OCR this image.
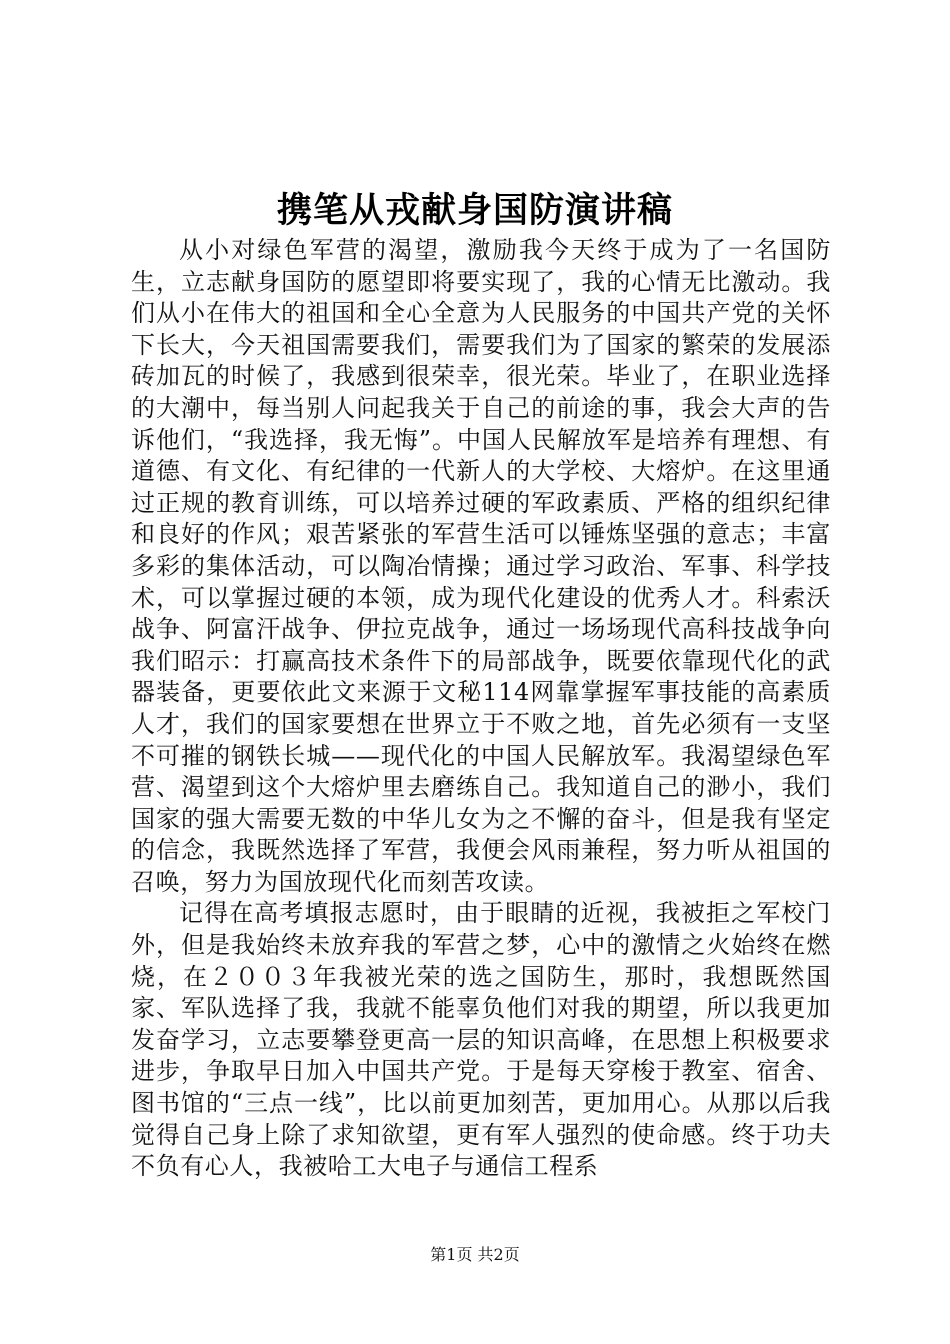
携笔从戎献身国防演讲稿

从小对绿色军营的渴望，激励我今天终于成为了一名国防生，立志献身国防的愿望即将要实现了，我的心情无比激动。我们从小在伟大的祖国和全心全意为人民服务的中国共产党的关怀下长大，今天祖国需要我们，需要我们为了国家的繁荣的发展添砖加瓦的时候了，我感到很荣幸，很光荣。毕业了，在职业选择的大潮中，每当别人问起我关于自己的前途的事，我会大声的告诉他们，“我选择，我无悔”。中国人民解放军是培养有理想、有道德、有文化、有纪律的一代新人的大学校、大熔炉。在这里通过正规的教育训练，可以培养过硬的军政素质、严格的组织纪律和良好的作风；艰苦紧张的军营生活可以锤炼坚强的意志；丰富多彩的集体活动，可以陶冶情操；通过学习政治、军事、科学技术，可以掌握过硬的本领，成为现代化建设的优秀人才。科索沃战争、阿富汗战争、伊拉克战争，通过一场场现代高科技战争向我们昭示：打赢高技术条件下的局部战争，既要依靠现代化的武器装备，更要依此文来源于文秘114网靠掌握军事技能的高素质人才，我们的国家要想在世界立于不败之地，首先必须有一支坚不可摧的钢铁长城——现代化的中国人民解放军。我渴望绿色军营、渴望到这个大熔炉里去磨练自己。我知道自己的渺小，我们国家的强大需要无数的中华儿女为之不懈的奋斗，但是我有坚定的信念，我既然选择了军营，我便会风雨兼程，努力听从祖国的召唤，努力为国放现代化而刻苦攻读。

记得在高考填报志愿时，由于眼睛的近视，我被拒之军校门外，但是我始终未放弃我的军营之梦，心中的激情之火始终在燃烧，在２００３年我被光荣的选之国防生，那时，我想既然国家、军队选择了我，我就不能辜负他们对我的期望，所以我更加发奋学习，立志要攀登更高一层的知识高峰，在思想上积极要求进步，争取早日加入中国共产党。于是每天穿梭于教室、宿舍、图书馆的“三点一线”，比以前更加刻苦，更加用心。从那以后我觉得自己身上除了求知欲望，更有军人强烈的使命感。终于功夫不负有心人，我被哈工大电子与通信工程系

第1页 共2页
